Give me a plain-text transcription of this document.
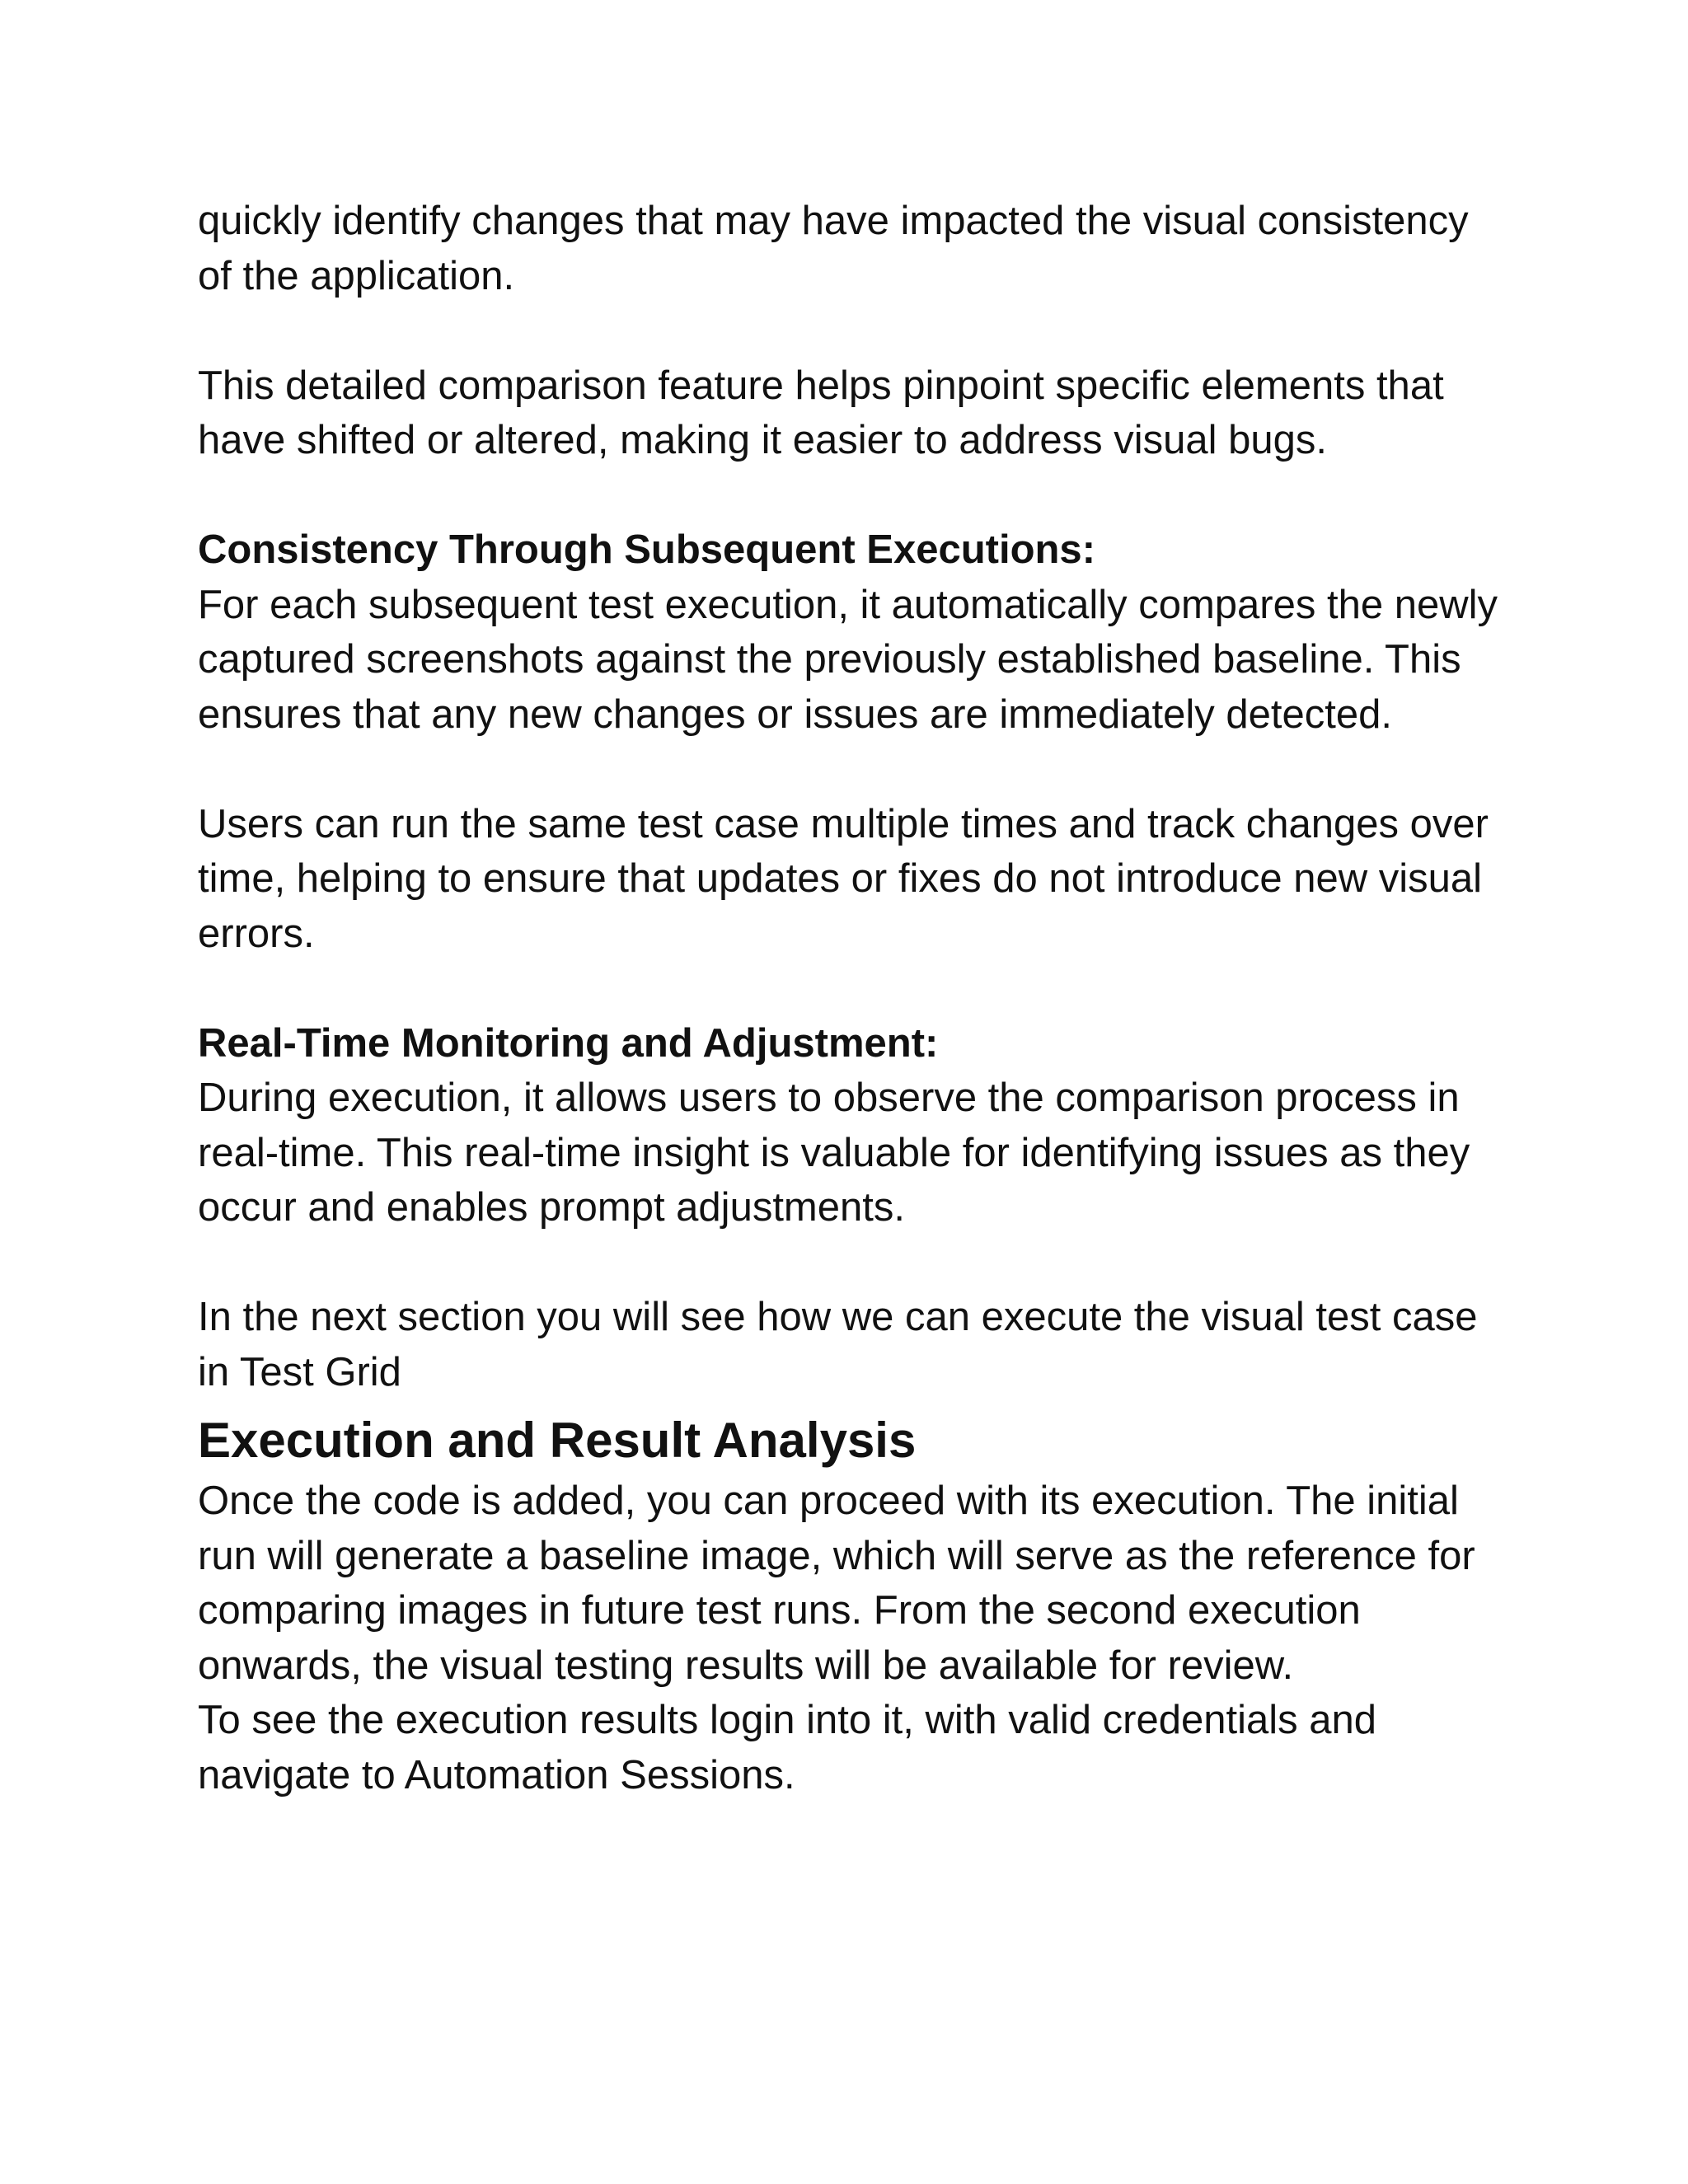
quickly identify changes that may have impacted the visual consistency of the application.

This detailed comparison feature helps pinpoint specific elements that have shifted or altered, making it easier to address visual bugs.

Consistency Through Subsequent Executions:

For each subsequent test execution, it automatically compares the newly captured screenshots against the previously established baseline. This ensures that any new changes or issues are immediately detected.

Users can run the same test case multiple times and track changes over time, helping to ensure that updates or fixes do not introduce new visual errors.

Real-Time Monitoring and Adjustment:

During execution, it allows users to observe the comparison process in real-time. This real-time insight is valuable for identifying issues as they occur and enables prompt adjustments.

In the next section you will see how we can execute the visual test case in Test Grid

Execution and Result Analysis

Once the code is added, you can proceed with its execution. The initial run will generate a baseline image, which will serve as the reference for comparing images in future test runs. From the second execution onwards, the visual testing results will be available for review.

To see the execution results login into it, with valid credentials and navigate to Automation Sessions.
